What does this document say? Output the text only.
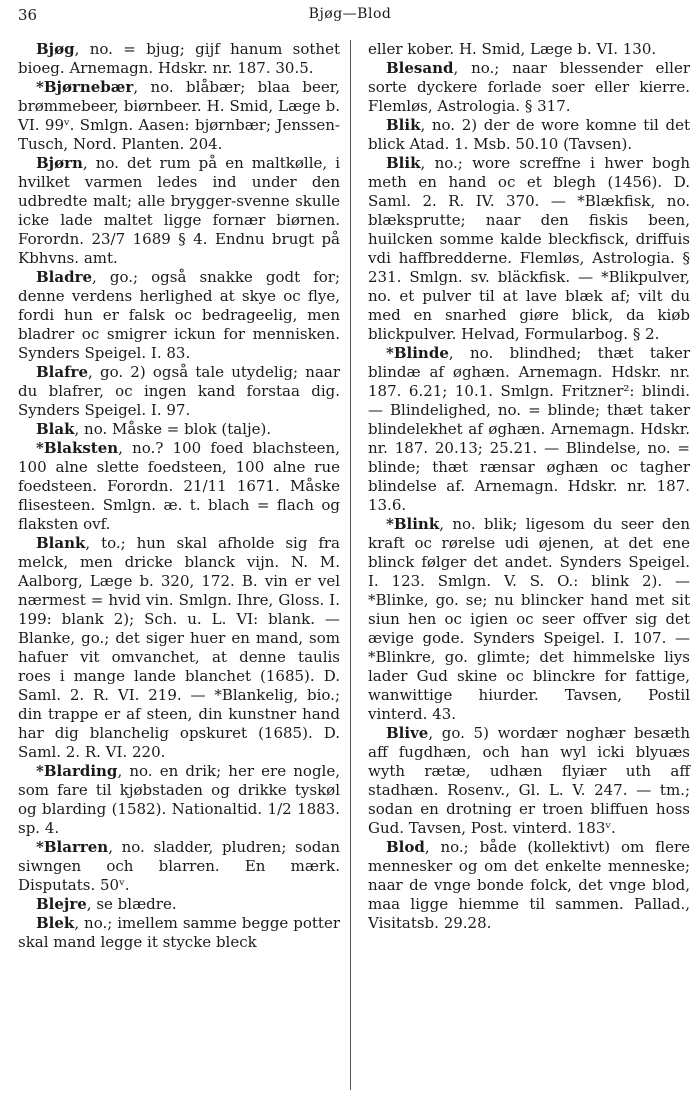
36	Bjøg—Blod

Bjøg, no. = bjug; gijf hanum sothet bioeg. Arnemagn. Hdskr. nr. 187. 30.5.

*Bjørnebær, no. blåbær; blaa beer, brømmebeer, biørnbeer. H. Smid, Læge b. VI. 99ᵛ. Smlgn. Aasen: bjørnbær; Jenssen-Tusch, Nord. Planten. 204.

Bjørn, no. det rum på en maltkølle, i hvilket varmen ledes ind under den udbredte malt; alle brygger-svenne skulle icke lade maltet ligge fornær biørnen. Forordn. 23/7 1689 § 4. Endnu brugt på Kbhvns. amt.

Bladre, go.; også snakke godt for; denne verdens herlighed at skye oc flye, fordi hun er falsk oc bedrageelig, men bladrer oc smigrer ickun for mennisken. Synders Speigel. I. 83.

Blafre, go. 2) også tale utydelig; naar du blafrer, oc ingen kand forstaa dig. Synders Speigel. I. 97.

Blak, no. Måske = blok (talje).

*Blaksten, no.? 100 foed blachsteen, 100 alne slette foedsteen, 100 alne rue foedsteen. Forordn. 21/11 1671. Måske flisesteen. Smlgn. æ. t. blach = flach og flaksten ovf.

Blank, to.; hun skal afholde sig fra melck, men dricke blanck vijn. N. M. Aalborg, Læge b. 320, 172. B. vin er vel nærmest = hvid vin. Smlgn. Ihre, Gloss. I. 199: blank 2); Sch. u. L. VI: blank. — Blanke, go.; det siger huer en mand, som hafuer vit omvanchet, at denne taulis roes i mange lande blanchet (1685). D. Saml. 2. R. VI. 219. — *Blankelig, bio.; din trappe er af steen, din kunstner hand har dig blanchelig opskuret (1685). D. Saml. 2. R. VI. 220.

*Blarding, no. en drik; her ere nogle, som fare til kjøbstaden og drikke tyskøl og blarding (1582). Nationaltid. 1/2 1883. sp. 4.

*Blarren, no. sladder, pludren; sodan siwngen och blarren. En mærk. Disputats. 50ᵛ.

Blejre, se blædre.

Blek, no.; imellem samme begge potter skal mand legge it stycke bleck

eller kober. H. Smid, Læge b. VI. 130.

Blesand, no.; naar blessender eller sorte dyckere forlade soer eller kierre. Flemløs, Astrologia. § 317.

Blik, no. 2) der de wore komne til det blick Atad. 1. Msb. 50.10 (Tavsen).

Blik, no.; wore screffne i hwer bogh meth en hand oc et blegh (1456). D. Saml. 2. R. IV. 370. — *Blækfisk, no. blæksprutte; naar den fiskis been, huilcken somme kalde bleckfisck, driffuis vdi haffbredderne. Flemløs, Astrologia. § 231. Smlgn. sv. bläckfisk. — *Blikpulver, no. et pulver til at lave blæk af; vilt du med en snarhed giøre blick, da kiøb blickpulver. Helvad, Formularbog. § 2.

*Blinde, no. blindhed; thæt taker blindæ af øghæn. Arnemagn. Hdskr. nr. 187. 6.21; 10.1. Smlgn. Fritzner²: blindi. — Blindelighed, no. = blinde; thæt taker blindelekhet af øghæn. Arnemagn. Hdskr. nr. 187. 20.13; 25.21. — Blindelse, no. = blinde; thæt rænsar øghæn oc tagher blindelse af. Arnemagn. Hdskr. nr. 187. 13.6.

*Blink, no. blik; ligesom du seer den kraft oc rørelse udi øjenen, at det ene blinck følger det andet. Synders Speigel. I. 123. Smlgn. V. S. O.: blink 2). — *Blinke, go. se; nu blincker hand met sit siun hen oc igien oc seer offver sig det ævige gode. Synders Speigel. I. 107. — *Blinkre, go. glimte; det himmelske liys lader Gud skine oc blinckre for fattige, wanwittige hiurder. Tavsen, Postil vinterd. 43.

Blive, go. 5) wordær noghær besæth aff fugdhæn, och han wyl icki blyuæs wyth rætæ, udhæn flyiær uth aff stadhæn. Rosenv., Gl. L. V. 247. — tm.; sodan en drotning er troen bliffuen hoss Gud. Tavsen, Post. vinterd. 183ᵛ.

Blod, no.; både (kollektivt) om flere mennesker og om det enkelte menneske; naar de vnge bonde folck, det vnge blod, maa ligge hiemme til sammen. Pallad., Visitatsb. 29.28.
